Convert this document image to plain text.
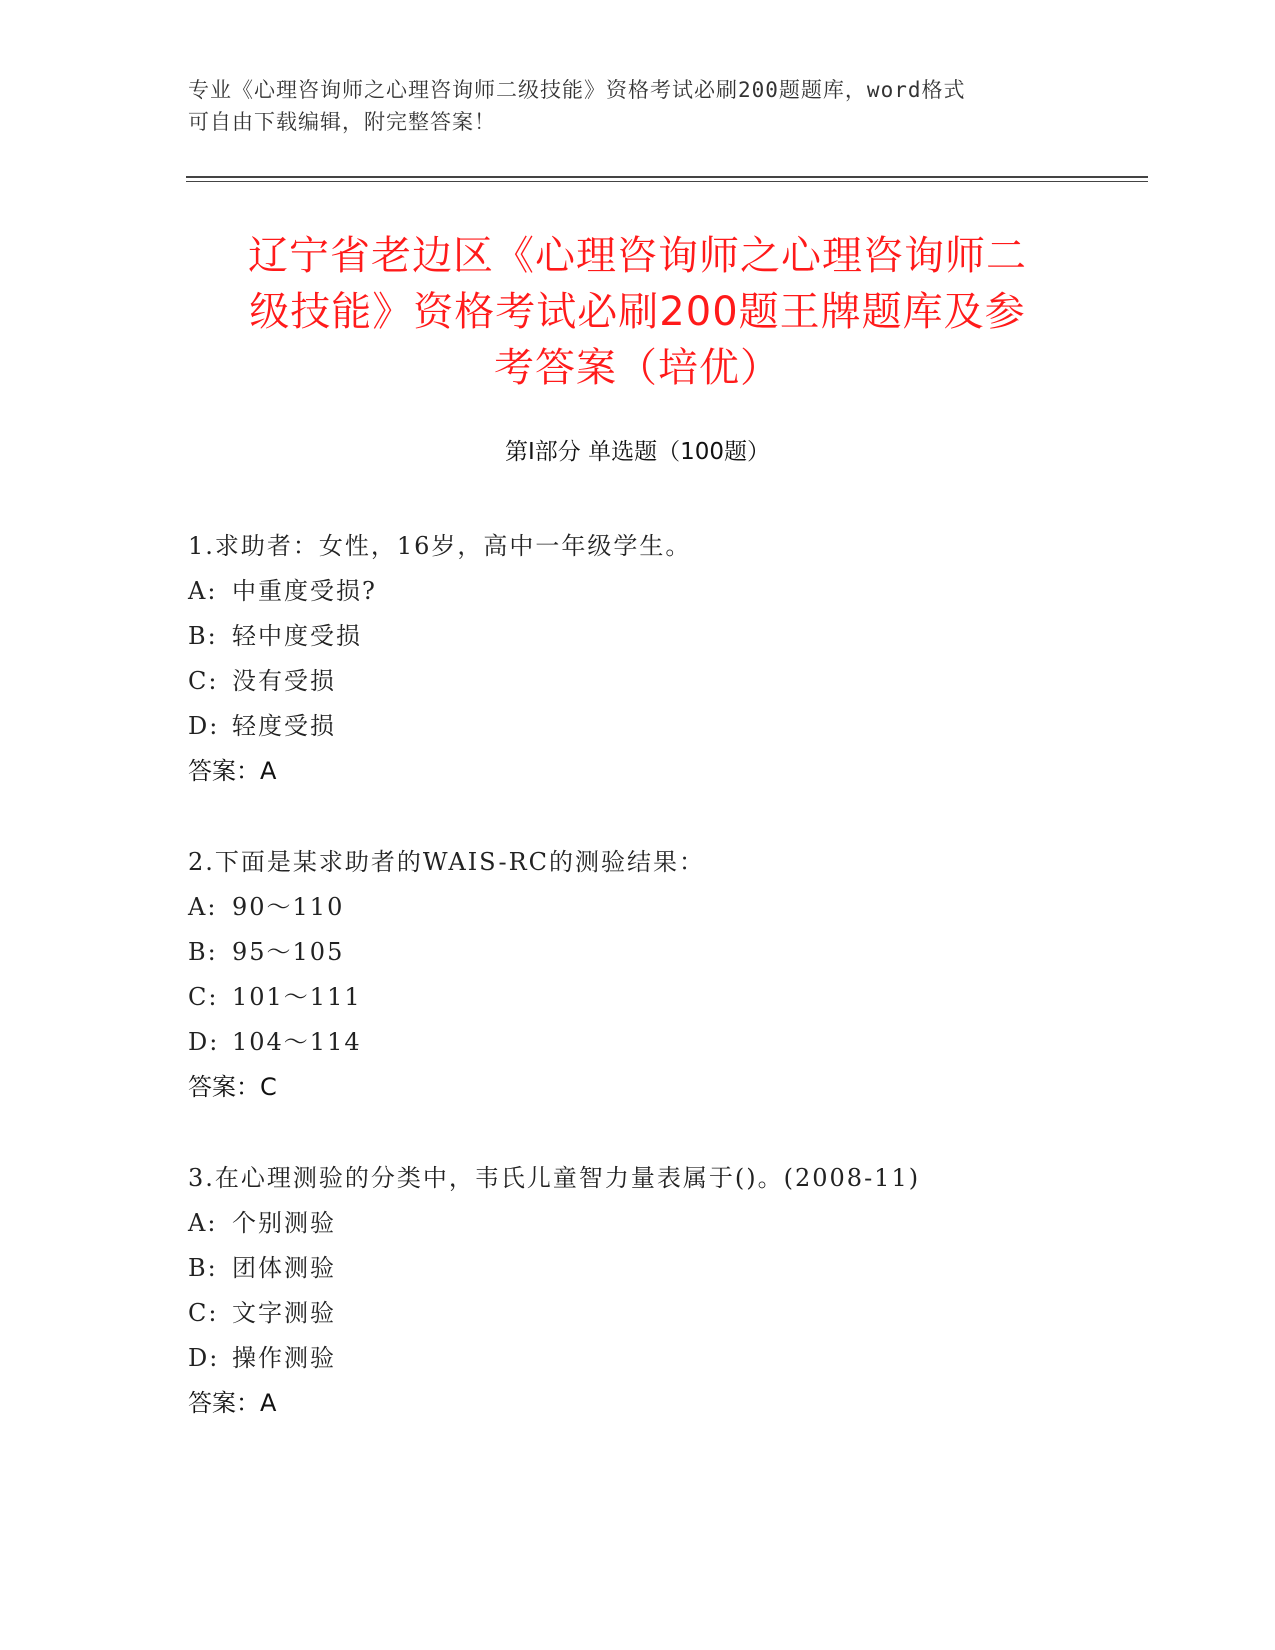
专业《心理咨询师之心理咨询师二级技能》资格考试必刷200题题库，word格式
可自由下载编辑，附完整答案！
辽宁省老边区《心理咨询师之心理咨询师二
级技能》资格考试必刷200题王牌题库及参
考答案（培优）
第Ⅰ部分 单选题（100题）
1.求助者：女性，16岁，高中一年级学生。
A: 中重度受损?
B: 轻中度受损
C: 没有受损
D: 轻度受损
答案：A
2.下面是某求助者的WAIS-RC的测验结果：
A: 90～110
B: 95～105
C: 101～111
D: 104～114
答案：C
3.在心理测验的分类中，韦氏儿童智力量表属于()。(2008-11)
A: 个别测验
B: 团体测验
C: 文字测验
D: 操作测验
答案：A
